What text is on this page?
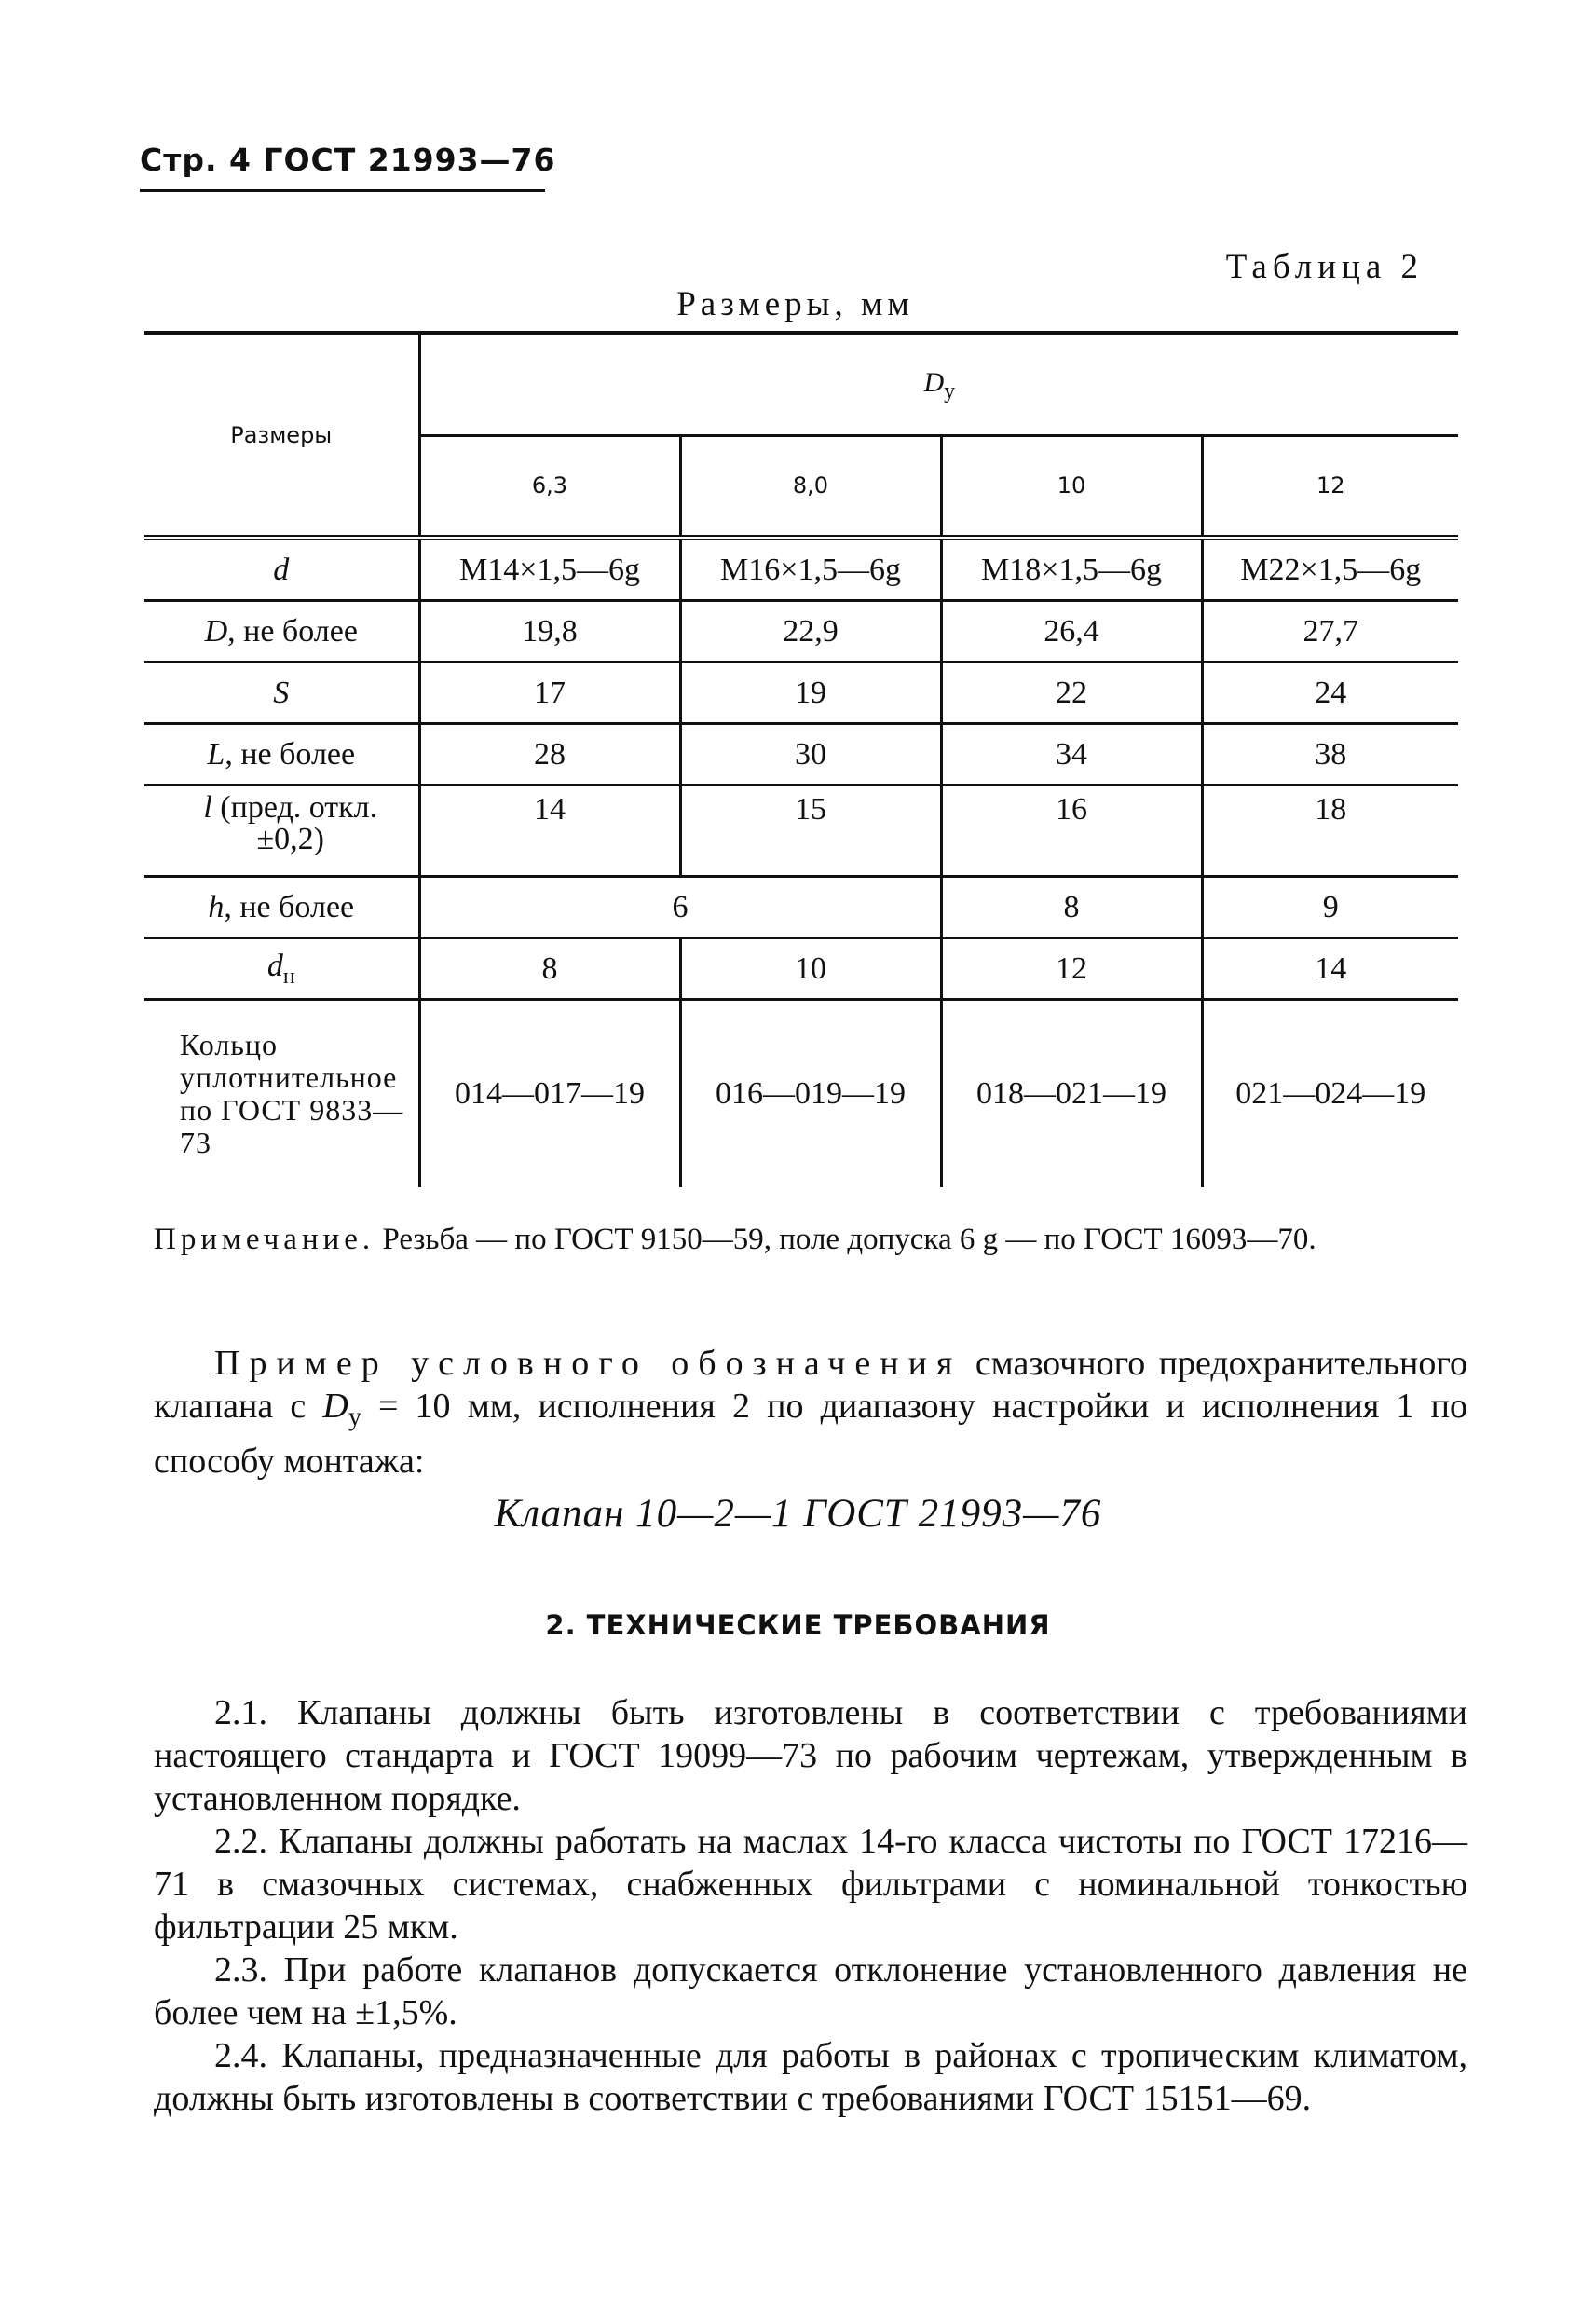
Стр. 4 ГОСТ 21993—76
Таблица 2
Размеры, мм
Размеры	$D_у$
	6,3	8,0	10	12
d	M14×1,5—6g	M16×1,5—6g	M18×1,5—6g	M22×1,5—6g
D, не более	19,8	22,9	26,4	27,7
S	17	19	22	24
L, не более	28	30	34	38
l (пред. откл. ±0,2)	14	15	16	18
h, не более	6		8	9
$d_н$	8	10	12	14
Кольцо уплотнительное по ГОСТ 9833—73	014—017—19	016—019—19	018—021—19	021—024—19
Примечание. Резьба — по ГОСТ 9150—59, поле допуска 6 g — по ГОСТ 16093—70.

Пример условного обозначения смазочного предохранительного клапана с $D_у = 10$ мм, исполнения 2 по диапазону настройки и исполнения 1 по способу монтажа:

Клапан 10—2—1 ГОСТ 21993—76
2. ТЕХНИЧЕСКИЕ ТРЕБОВАНИЯ

2.1. Клапаны должны быть изготовлены в соответствии с требованиями настоящего стандарта и ГОСТ 19099—73 по рабочим чертежам, утвержденным в установленном порядке.

2.2. Клапаны должны работать на маслах 14-го класса чистоты по ГОСТ 17216—71 в смазочных системах, снабженных фильтрами с номинальной тонкостью фильтрации 25 мкм.

2.3. При работе клапанов допускается отклонение установленного давления не более чем на ±1,5%.

2.4. Клапаны, предназначенные для работы в районах с тропическим климатом, должны быть изготовлены в соответствии с требованиями ГОСТ 15151—69.
